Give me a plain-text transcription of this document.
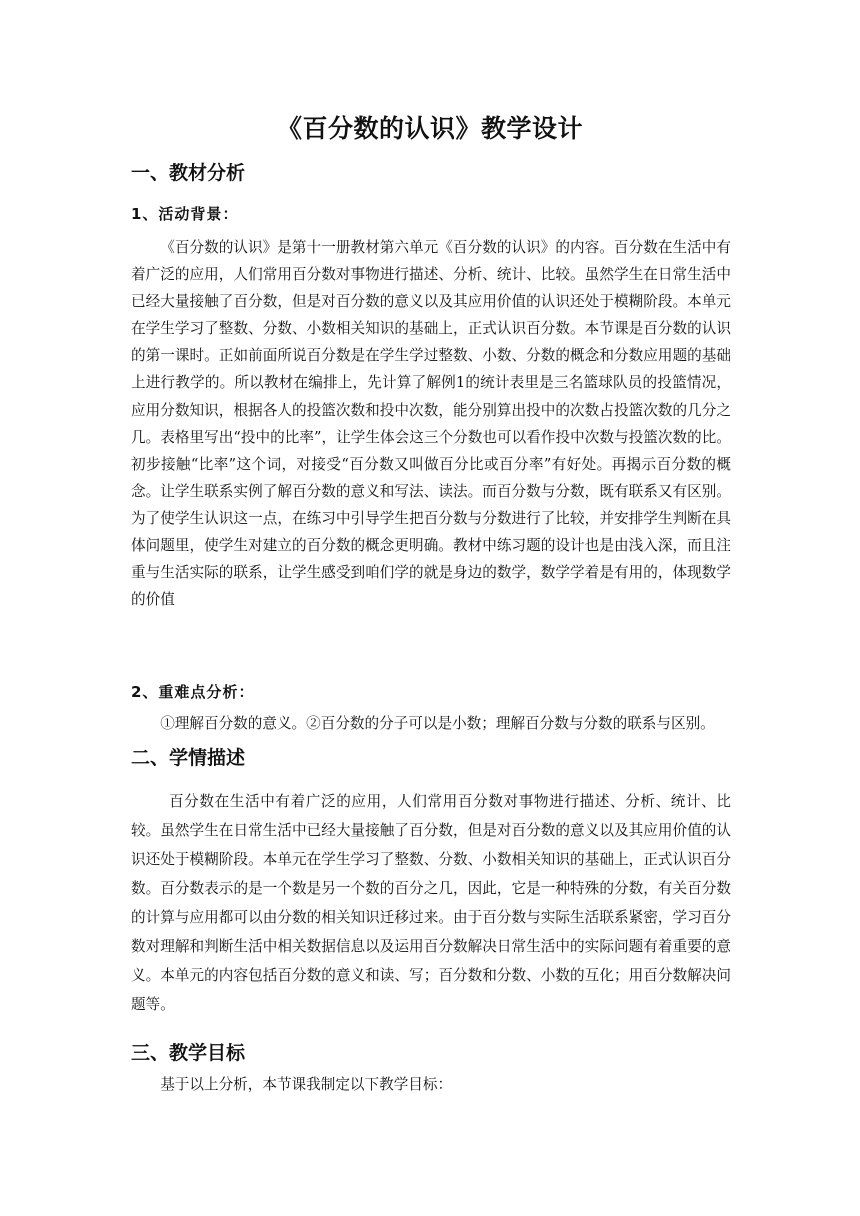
《百分数的认识》教学设计
一、教材分析
1、活动背景：

《百分数的认识》是第十一册教材第六单元《百分数的认识》的内容。百分数在生活中有着广泛的应用，人们常用百分数对事物进行描述、分析、统计、比较。虽然学生在日常生活中已经大量接触了百分数，但是对百分数的意义以及其应用价值的认识还处于模糊阶段。本单元在学生学习了整数、分数、小数相关知识的基础上，正式认识百分数。本节课是百分数的认识的第一课时。正如前面所说百分数是在学生学过整数、小数、分数的概念和分数应用题的基础上进行教学的。所以教材在编排上，先计算了解例1的统计表里是三名篮球队员的投篮情况，应用分数知识，根据各人的投篮次数和投中次数，能分别算出投中的次数占投篮次数的几分之几。表格里写出“投中的比率”，让学生体会这三个分数也可以看作投中次数与投篮次数的比。初步接触“比率”这个词，对接受“百分数又叫做百分比或百分率”有好处。再揭示百分数的概念。让学生联系实例了解百分数的意义和写法、读法。而百分数与分数，既有联系又有区别。为了使学生认识这一点，在练习中引导学生把百分数与分数进行了比较，并安排学生判断在具体问题里，使学生对建立的百分数的概念更明确。教材中练习题的设计也是由浅入深，而且注重与生活实际的联系，让学生感受到咱们学的就是身边的数学，数学学着是有用的，体现数学的价值

2、重难点分析：

①理解百分数的意义。②百分数的分子可以是小数；理解百分数与分数的联系与区别。

二、学情描述

百分数在生活中有着广泛的应用，人们常用百分数对事物进行描述、分析、统计、比较。虽然学生在日常生活中已经大量接触了百分数，但是对百分数的意义以及其应用价值的认识还处于模糊阶段。本单元在学生学习了整数、分数、小数相关知识的基础上，正式认识百分数。百分数表示的是一个数是另一个数的百分之几，因此，它是一种特殊的分数，有关百分数的计算与应用都可以由分数的相关知识迁移过来。由于百分数与实际生活联系紧密，学习百分数对理解和判断生活中相关数据信息以及运用百分数解决日常生活中的实际问题有着重要的意义。本单元的内容包括百分数的意义和读、写；百分数和分数、小数的互化；用百分数解决问题等。

三、教学目标

基于以上分析，本节课我制定以下教学目标：
